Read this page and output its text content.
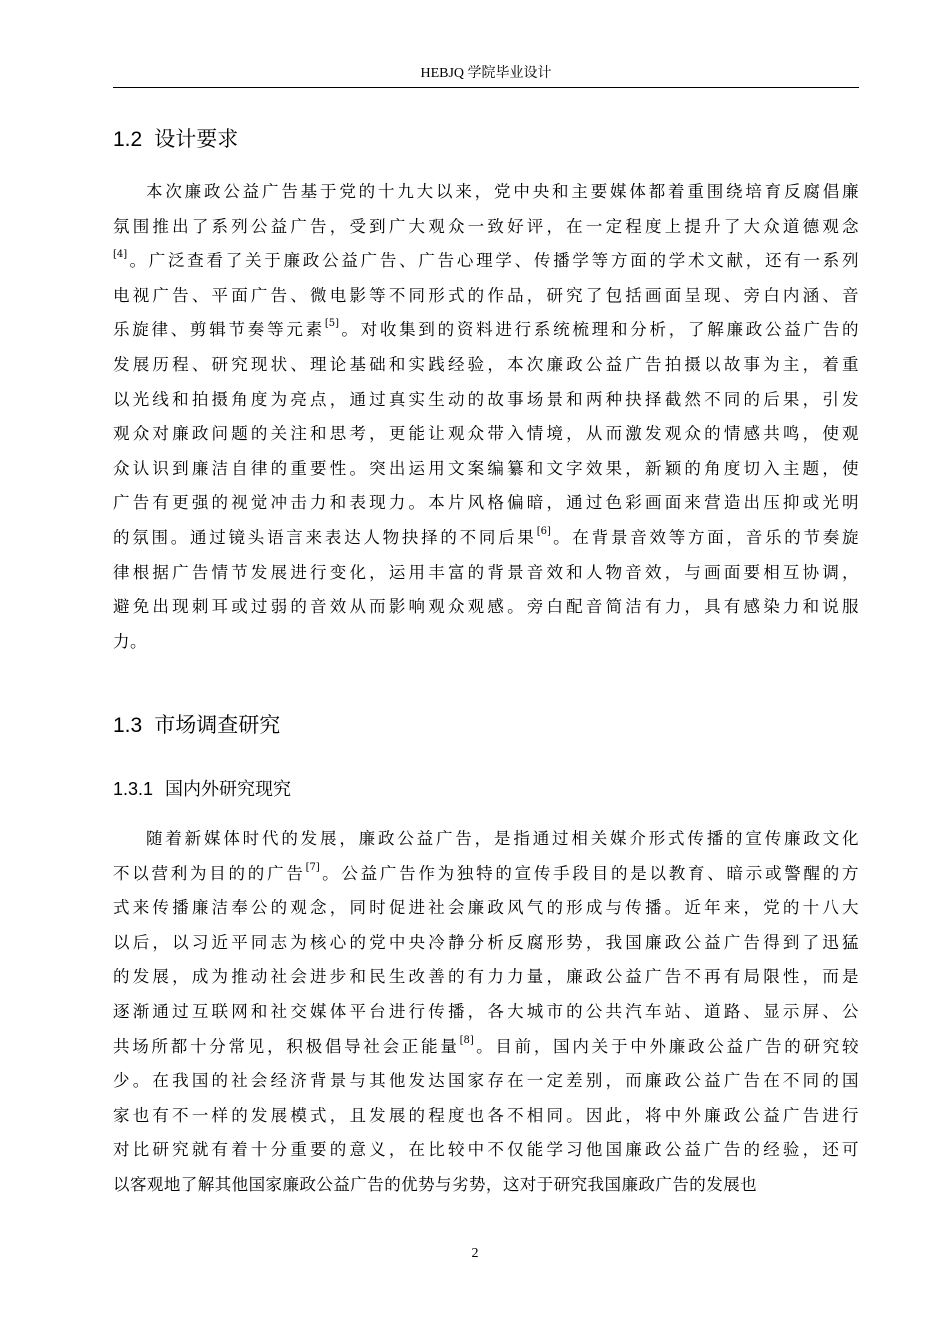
HEBJQ 学院毕业设计
1.2 设计要求
本次廉政公益广告基于党的十九大以来，党中央和主要媒体都着重围绕培育反腐倡廉
氛围推出了系列公益广告，受到广大观众一致好评，在一定程度上提升了大众道德观念
[4]。广泛查看了关于廉政公益广告、广告心理学、传播学等方面的学术文献，还有一系列
电视广告、平面广告、微电影等不同形式的作品，研究了包括画面呈现、旁白内涵、音
乐旋律、剪辑节奏等元素[5]。对收集到的资料进行系统梳理和分析，了解廉政公益广告的
发展历程、研究现状、理论基础和实践经验，本次廉政公益广告拍摄以故事为主，着重
以光线和拍摄角度为亮点，通过真实生动的故事场景和两种抉择截然不同的后果，引发
观众对廉政问题的关注和思考，更能让观众带入情境，从而激发观众的情感共鸣，使观
众认识到廉洁自律的重要性。突出运用文案编纂和文字效果，新颖的角度切入主题，使
广告有更强的视觉冲击力和表现力。本片风格偏暗，通过色彩画面来营造出压抑或光明
的氛围。通过镜头语言来表达人物抉择的不同后果[6]。在背景音效等方面，音乐的节奏旋
律根据广告情节发展进行变化，运用丰富的背景音效和人物音效，与画面要相互协调，
避免出现刺耳或过弱的音效从而影响观众观感。旁白配音简洁有力，具有感染力和说服
力。
1.3 市场调查研究
1.3.1 国内外研究现究
随着新媒体时代的发展，廉政公益广告，是指通过相关媒介形式传播的宣传廉政文化
不以营利为目的的广告[7]。公益广告作为独特的宣传手段目的是以教育、暗示或警醒的方
式来传播廉洁奉公的观念，同时促进社会廉政风气的形成与传播。近年来，党的十八大
以后，以习近平同志为核心的党中央冷静分析反腐形势，我国廉政公益广告得到了迅猛
的发展，成为推动社会进步和民生改善的有力力量，廉政公益广告不再有局限性，而是
逐渐通过互联网和社交媒体平台进行传播，各大城市的公共汽车站、道路、显示屏、公
共场所都十分常见，积极倡导社会正能量[8]。目前，国内关于中外廉政公益广告的研究较
少。在我国的社会经济背景与其他发达国家存在一定差别，而廉政公益广告在不同的国
家也有不一样的发展模式，且发展的程度也各不相同。因此，将中外廉政公益广告进行
对比研究就有着十分重要的意义，在比较中不仅能学习他国廉政公益广告的经验，还可
以客观地了解其他国家廉政公益广告的优势与劣势，这对于研究我国廉政广告的发展也
2
